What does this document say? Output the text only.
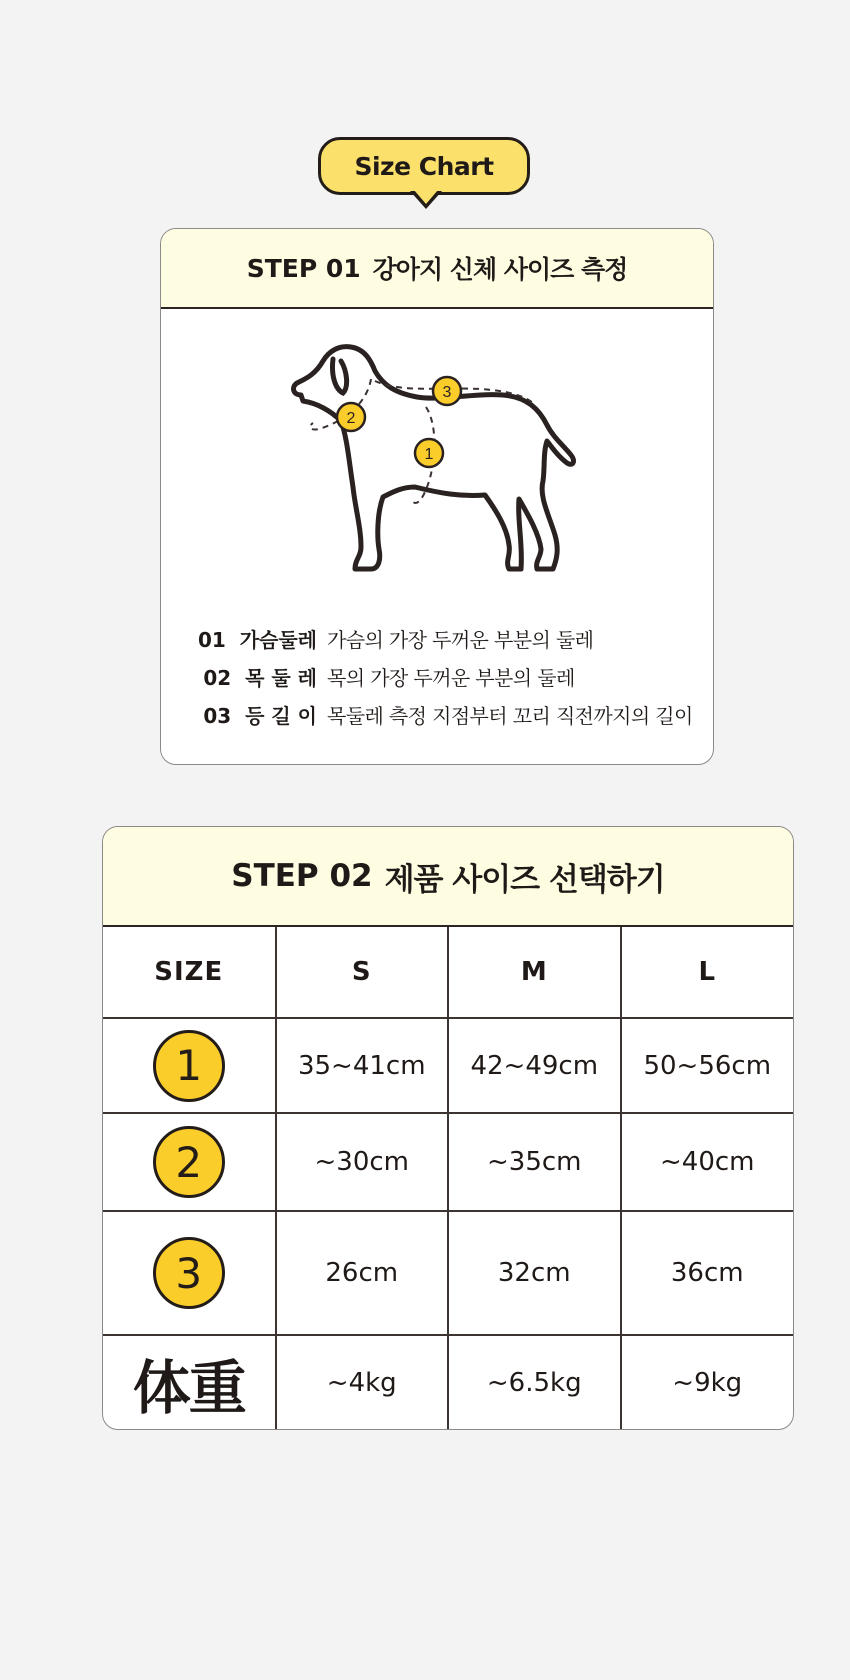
Size Chart
STEP 01 강아지 신체 사이즈 측정
3
2
1
01 가슴둘레 가슴의 가장 두꺼운 부분의 둘레
02 목 둘 레 목의 가장 두꺼운 부분의 둘레
03 등 길 이 목둘레 측정 지점부터 꼬리 직전까지의 길이
STEP 02 제품 사이즈 선택하기
SIZE	S	M	L
1	35~41cm	42~49cm	50~56cm
2	~30cm	~35cm	~40cm
3	26cm	32cm	36cm
体重	~4kg	~6.5kg	~9kg
